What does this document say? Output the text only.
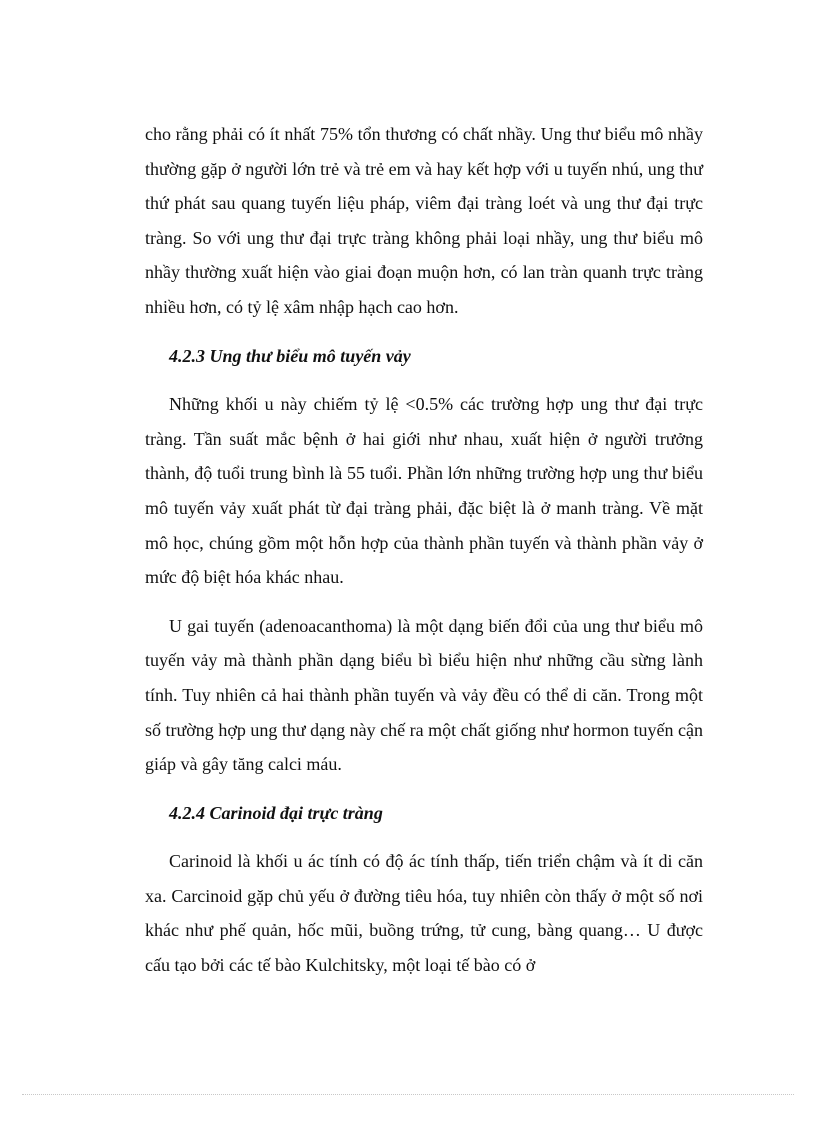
cho rằng phải có ít nhất 75% tổn thương có chất nhầy. Ung thư biểu mô nhầy thường gặp ở người lớn trẻ và trẻ em và hay kết hợp với u tuyến nhú, ung thư thứ phát sau quang tuyến liệu pháp, viêm đại tràng loét và ung thư đại trực tràng. So với ung thư đại trực tràng không phải loại nhầy, ung thư biểu mô nhầy thường xuất hiện vào giai đoạn muộn hơn, có lan tràn quanh trực tràng nhiều hơn, có tỷ lệ xâm nhập hạch cao hơn.

4.2.3 Ung thư biểu mô tuyến vảy

Những khối u này chiếm tỷ lệ <0.5% các trường hợp ung thư đại trực tràng. Tần suất mắc bệnh ở hai giới như nhau, xuất hiện ở người trưởng thành, độ tuổi trung bình là 55 tuổi. Phần lớn những trường hợp ung thư biểu mô tuyến vảy xuất phát từ đại tràng phải, đặc biệt là ở manh tràng. Về mặt mô học, chúng gồm một hỗn hợp của thành phần tuyến và thành phần vảy ở mức độ biệt hóa khác nhau.

U gai tuyến (adenoacanthoma) là một dạng biến đổi của ung thư biểu mô tuyến vảy mà thành phần dạng biểu bì biểu hiện như những cầu sừng lành tính. Tuy nhiên cả hai thành phần tuyến và vảy đều có thể di căn. Trong một số trường hợp ung thư dạng này chế ra một chất giống như hormon tuyến cận giáp và gây tăng calci máu.

4.2.4 Carinoid đại trực tràng

Carinoid là khối u ác tính có độ ác tính thấp, tiến triển chậm và ít di căn xa. Carcinoid gặp chủ yếu ở đường tiêu hóa, tuy nhiên còn thấy ở một số nơi khác như phế quản, hốc mũi, buồng trứng, tử cung, bàng quang… U được cấu tạo bởi các tế bào Kulchitsky, một loại tế bào có ở
